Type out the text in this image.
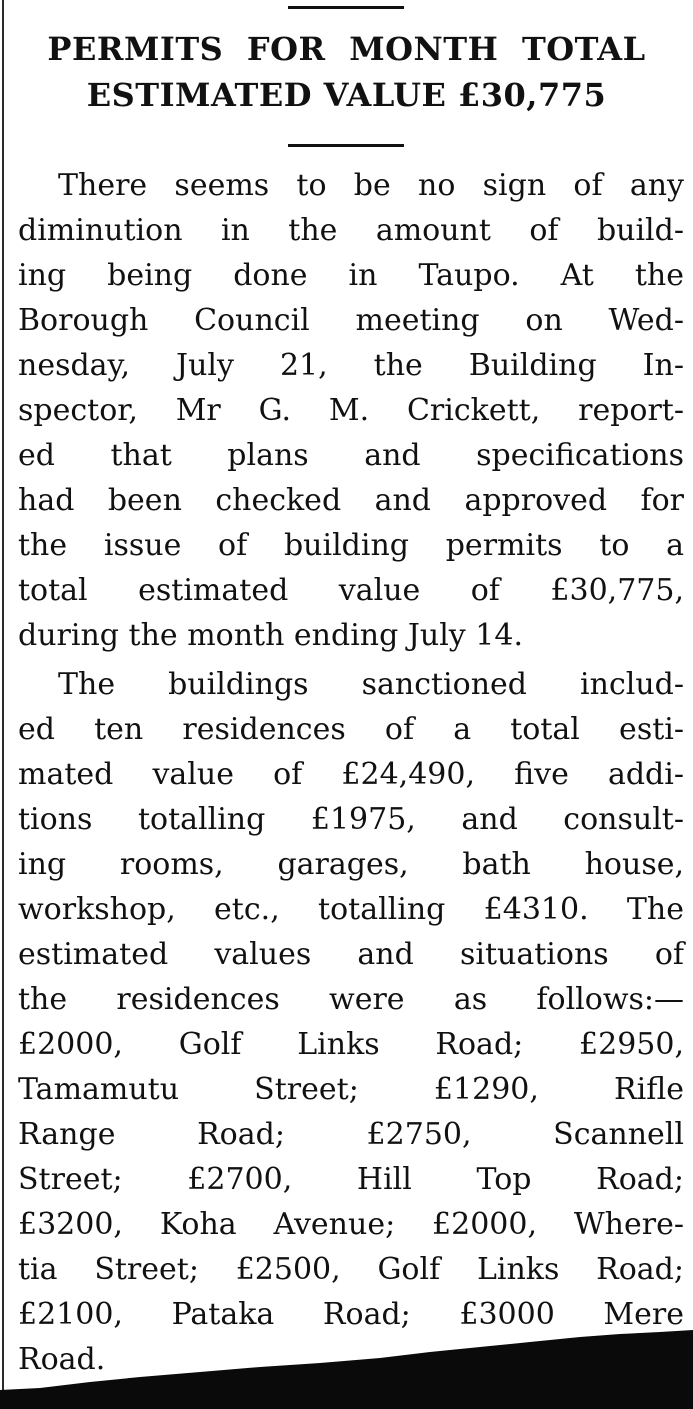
PERMITS FOR MONTH TOTAL
ESTIMATED VALUE £30,775

There seems to be no sign of any

diminution in the amount of build-

ing being done in Taupo. At the

Borough Council meeting on Wed-

nesday, July 21, the Building In-

spector, Mr G. M. Crickett, report-

ed that plans and specifications

had been checked and approved for

the issue of building permits to a

total estimated value of £30,775,

during the month ending July 14.

The buildings sanctioned includ-

ed ten residences of a total esti-

mated value of £24,490, five addi-

tions totalling £1975, and consult-

ing rooms, garages, bath house,

workshop, etc., totalling £4310. The

estimated values and situations of

the residences were as follows:—

£2000, Golf Links Road; £2950,

Tamamutu Street; £1290, Rifle

Range Road; £2750, Scannell

Street; £2700, Hill Top Road;

£3200, Koha Avenue; £2000, Where-

tia Street; £2500, Golf Links Road;

£2100, Pataka Road; £3000 Mere

Road.
